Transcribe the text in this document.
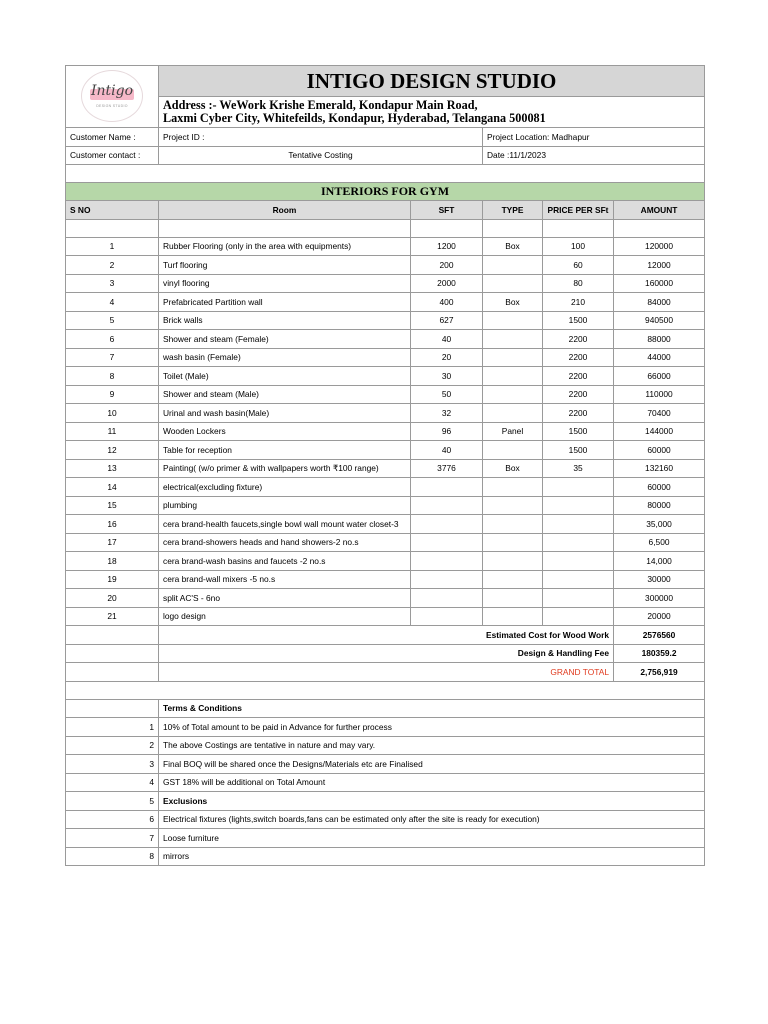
Intigo
DESIGN STUDIO	INTIGO DESIGN STUDIO				

	Address :- WeWork Krishe Emerald, Kondapur Main Road,
Laxmi Cyber City, Whitefeilds, Kondapur, Hyderabad, Telangana 500081				

Customer Name :	Project ID :		Project Location: Madhapur		
Customer contact :	Tentative Costing		Date :11/1/2023		

INTERIORS FOR GYM					
S NO	Room	SFT	TYPE	PRICE PER SFt	AMOUNT

1	Rubber Flooring (only in the area with equipments)	1200	Box	100	120000
2	Turf flooring	200		60	12000
3	vinyl flooring	2000		80	160000
4	Prefabricated Partition wall	400	Box	210	84000
5	Brick walls	627		1500	940500
6	Shower and steam (Female)	40		2200	88000
7	wash basin (Female)	20		2200	44000
8	Toilet (Male)	30		2200	66000
9	Shower and steam (Male)	50		2200	110000
10	Urinal and wash basin(Male)	32		2200	70400
11	Wooden Lockers	96	Panel	1500	144000
12	Table for reception	40		1500	60000
13	Painting( (w/o primer & with wallpapers worth ₹100 range)	3776	Box	35	132160
14	electrical(excluding fixture)				60000
15	plumbing				80000
16	cera brand-health faucets,single bowl wall mount water closet-3				35,000
17	cera brand-showers heads and hand showers-2 no.s				6,500
18	cera brand-wash basins and faucets -2 no.s				14,000
19	cera brand-wall mixers -5 no.s				30000
20	split AC'S - 6no				300000
21	logo design				20000
	Estimated Cost for Wood Work				2576560
	Design & Handling Fee				180359.2
	GRAND TOTAL				2,756,919

	Terms & Conditions				
1	10% of Total amount to be paid in Advance for further process				
2	The above Costings are tentative in nature and may vary.				
3	Final BOQ will be shared once the Designs/Materials etc are Finalised				
4	GST 18% will be additional on Total Amount				
5	Exclusions				
6	Electrical fixtures (lights,switch boards,fans can be estimated only after the site is ready for execution)				
7	Loose furniture				
8	mirrors				
